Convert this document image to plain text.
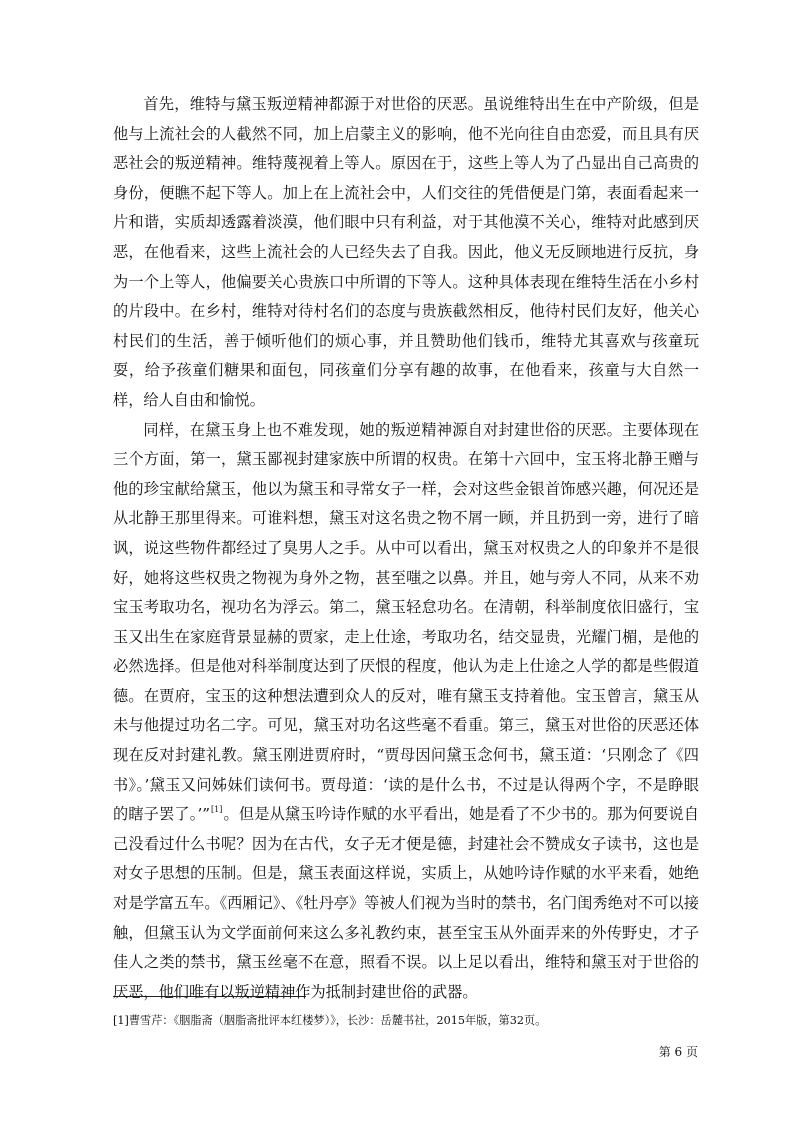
首先，维特与黛玉叛逆精神都源于对世俗的厌恶。虽说维特出生在中产阶级，但是他与上流社会的人截然不同，加上启蒙主义的影响，他不光向往自由恋爱，而且具有厌恶社会的叛逆精神。维特蔑视着上等人。原因在于，这些上等人为了凸显出自己高贵的身份，便瞧不起下等人。加上在上流社会中，人们交往的凭借便是门第，表面看起来一片和谐，实质却透露着淡漠，他们眼中只有利益，对于其他漠不关心，维特对此感到厌恶，在他看来，这些上流社会的人已经失去了自我。因此，他义无反顾地进行反抗，身为一个上等人，他偏要关心贵族口中所谓的下等人。这种具体表现在维特生活在小乡村的片段中。在乡村，维特对待村名们的态度与贵族截然相反，他待村民们友好，他关心村民们的生活，善于倾听他们的烦心事，并且赞助他们钱币，维特尤其喜欢与孩童玩耍，给予孩童们糖果和面包，同孩童们分享有趣的故事，在他看来，孩童与大自然一样，给人自由和愉悦。

同样，在黛玉身上也不难发现，她的叛逆精神源自对封建世俗的厌恶。主要体现在三个方面，第一，黛玉鄙视封建家族中所谓的权贵。在第十六回中，宝玉将北静王赠与他的珍宝献给黛玉，他以为黛玉和寻常女子一样，会对这些金银首饰感兴趣，何况还是从北静王那里得来。可谁料想，黛玉对这名贵之物不屑一顾，并且扔到一旁，进行了暗讽，说这些物件都经过了臭男人之手。从中可以看出，黛玉对权贵之人的印象并不是很好，她将这些权贵之物视为身外之物，甚至嗤之以鼻。并且，她与旁人不同，从来不劝宝玉考取功名，视功名为浮云。第二，黛玉轻怠功名。在清朝，科举制度依旧盛行，宝玉又出生在家庭背景显赫的贾家，走上仕途，考取功名，结交显贵，光耀门楣，是他的必然选择。但是他对科举制度达到了厌恨的程度，他认为走上仕途之人学的都是些假道德。在贾府，宝玉的这种想法遭到众人的反对，唯有黛玉支持着他。宝玉曾言，黛玉从未与他提过功名二字。可见，黛玉对功名这些毫不看重。第三，黛玉对世俗的厌恶还体现在反对封建礼教。黛玉刚进贾府时，“贾母因问黛玉念何书，黛玉道：‘只刚念了《四书》。’黛玉又问姊妹们读何书。贾母道：‘读的是什么书，不过是认得两个字，不是睁眼的瞎子罢了。’”[1]。但是从黛玉吟诗作赋的水平看出，她是看了不少书的。那为何要说自己没看过什么书呢？因为在古代，女子无才便是德，封建社会不赞成女子读书，这也是对女子思想的压制。但是，黛玉表面这样说，实质上，从她吟诗作赋的水平来看，她绝对是学富五车。《西厢记》、《牡丹亭》等被人们视为当时的禁书，名门闺秀绝对不可以接触，但黛玉认为文学面前何来这么多礼教约束，甚至宝玉从外面弄来的外传野史，才子佳人之类的禁书，黛玉丝毫不在意，照看不误。以上足以看出，维特和黛玉对于世俗的厌恶，他们唯有以叛逆精神作为抵制封建世俗的武器。

[1]曹雪芹：《胭脂斋（胭脂斋批评本红楼梦）》，长沙：岳麓书社，2015年版，第32页。

第 6 页
